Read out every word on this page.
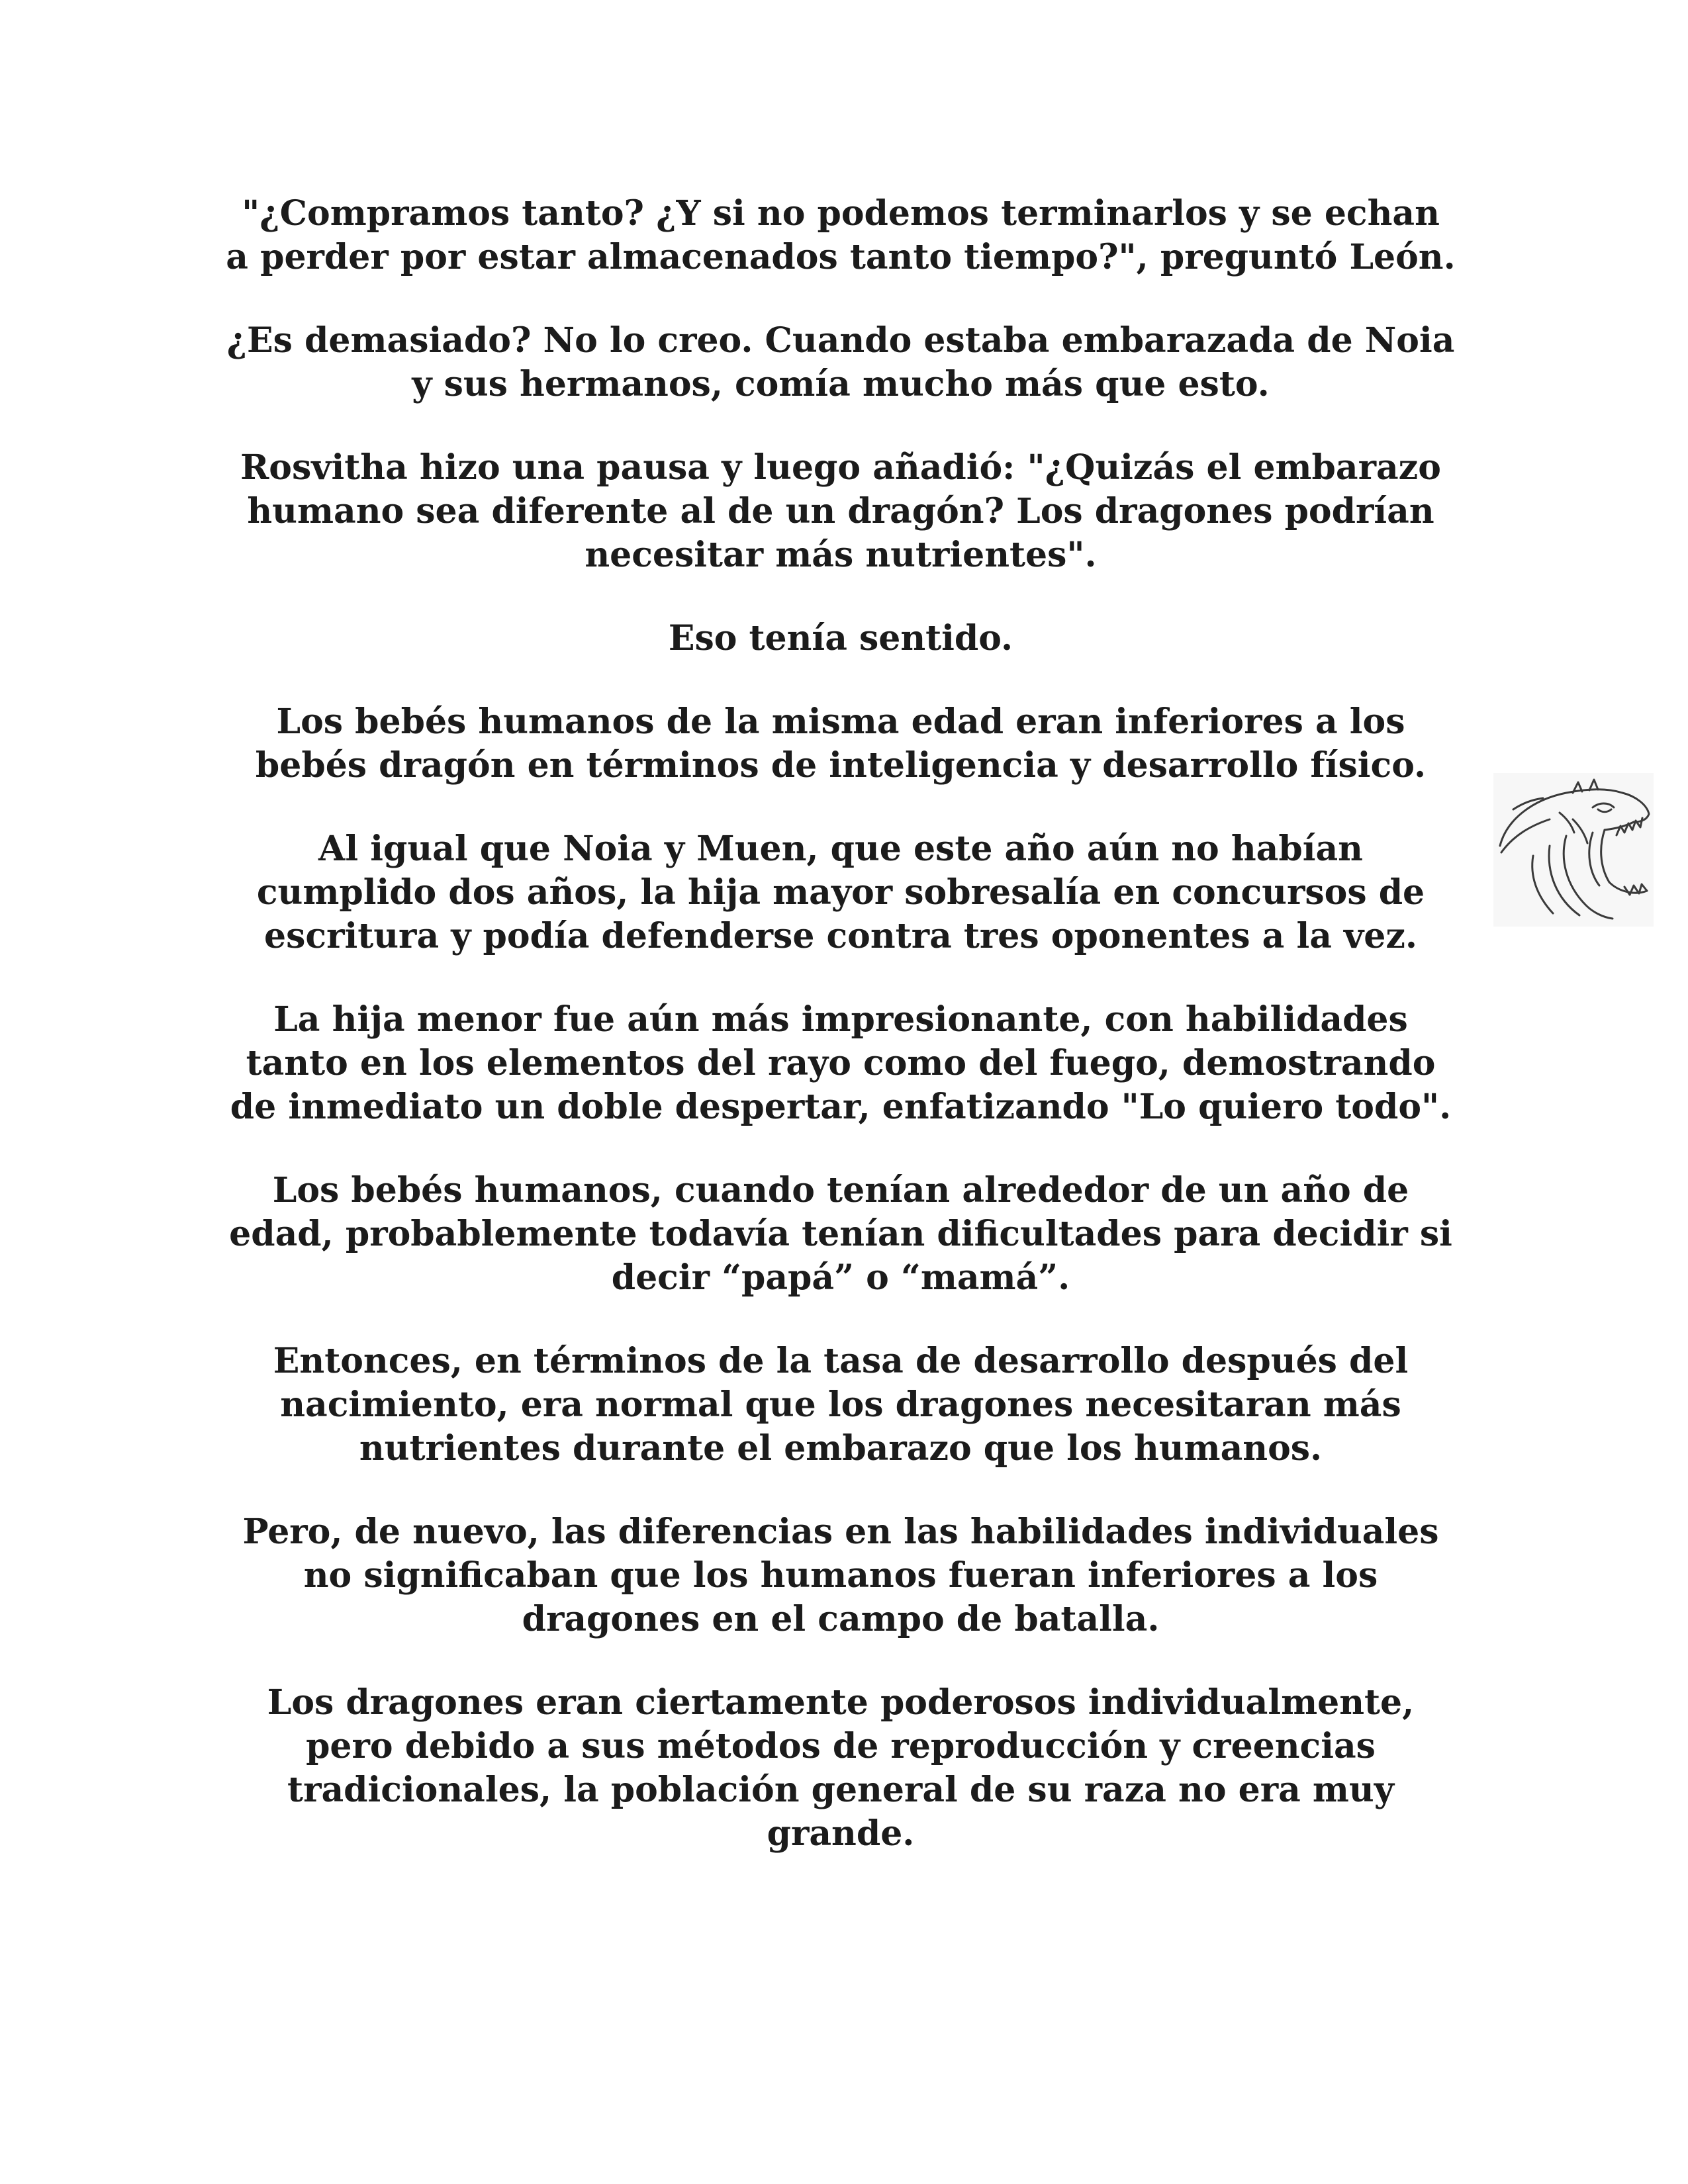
"¿Compramos tanto? ¿Y si no podemos terminarlos y se echan a perder por estar almacenados tanto tiempo?", preguntó León.

¿Es demasiado? No lo creo. Cuando estaba embarazada de Noia y sus hermanos, comía mucho más que esto.

Rosvitha hizo una pausa y luego añadió: "¿Quizás el embarazo humano sea diferente al de un dragón? Los dragones podrían necesitar más nutrientes".

Eso tenía sentido.

Los bebés humanos de la misma edad eran inferiores a los bebés dragón en términos de inteligencia y desarrollo físico.

Al igual que Noia y Muen, que este año aún no habían cumplido dos años, la hija mayor sobresalía en concursos de escritura y podía defenderse contra tres oponentes a la vez.

La hija menor fue aún más impresionante, con habilidades tanto en los elementos del rayo como del fuego, demostrando de inmediato un doble despertar, enfatizando "Lo quiero todo".

Los bebés humanos, cuando tenían alrededor de un año de edad, probablemente todavía tenían dificultades para decidir si decir “papá” o “mamá”.

Entonces, en términos de la tasa de desarrollo después del nacimiento, era normal que los dragones necesitaran más nutrientes durante el embarazo que los humanos.

Pero, de nuevo, las diferencias en las habilidades individuales no significaban que los humanos fueran inferiores a los dragones en el campo de batalla.

Los dragones eran ciertamente poderosos individualmente, pero debido a sus métodos de reproducción y creencias tradicionales, la población general de su raza no era muy grande.
